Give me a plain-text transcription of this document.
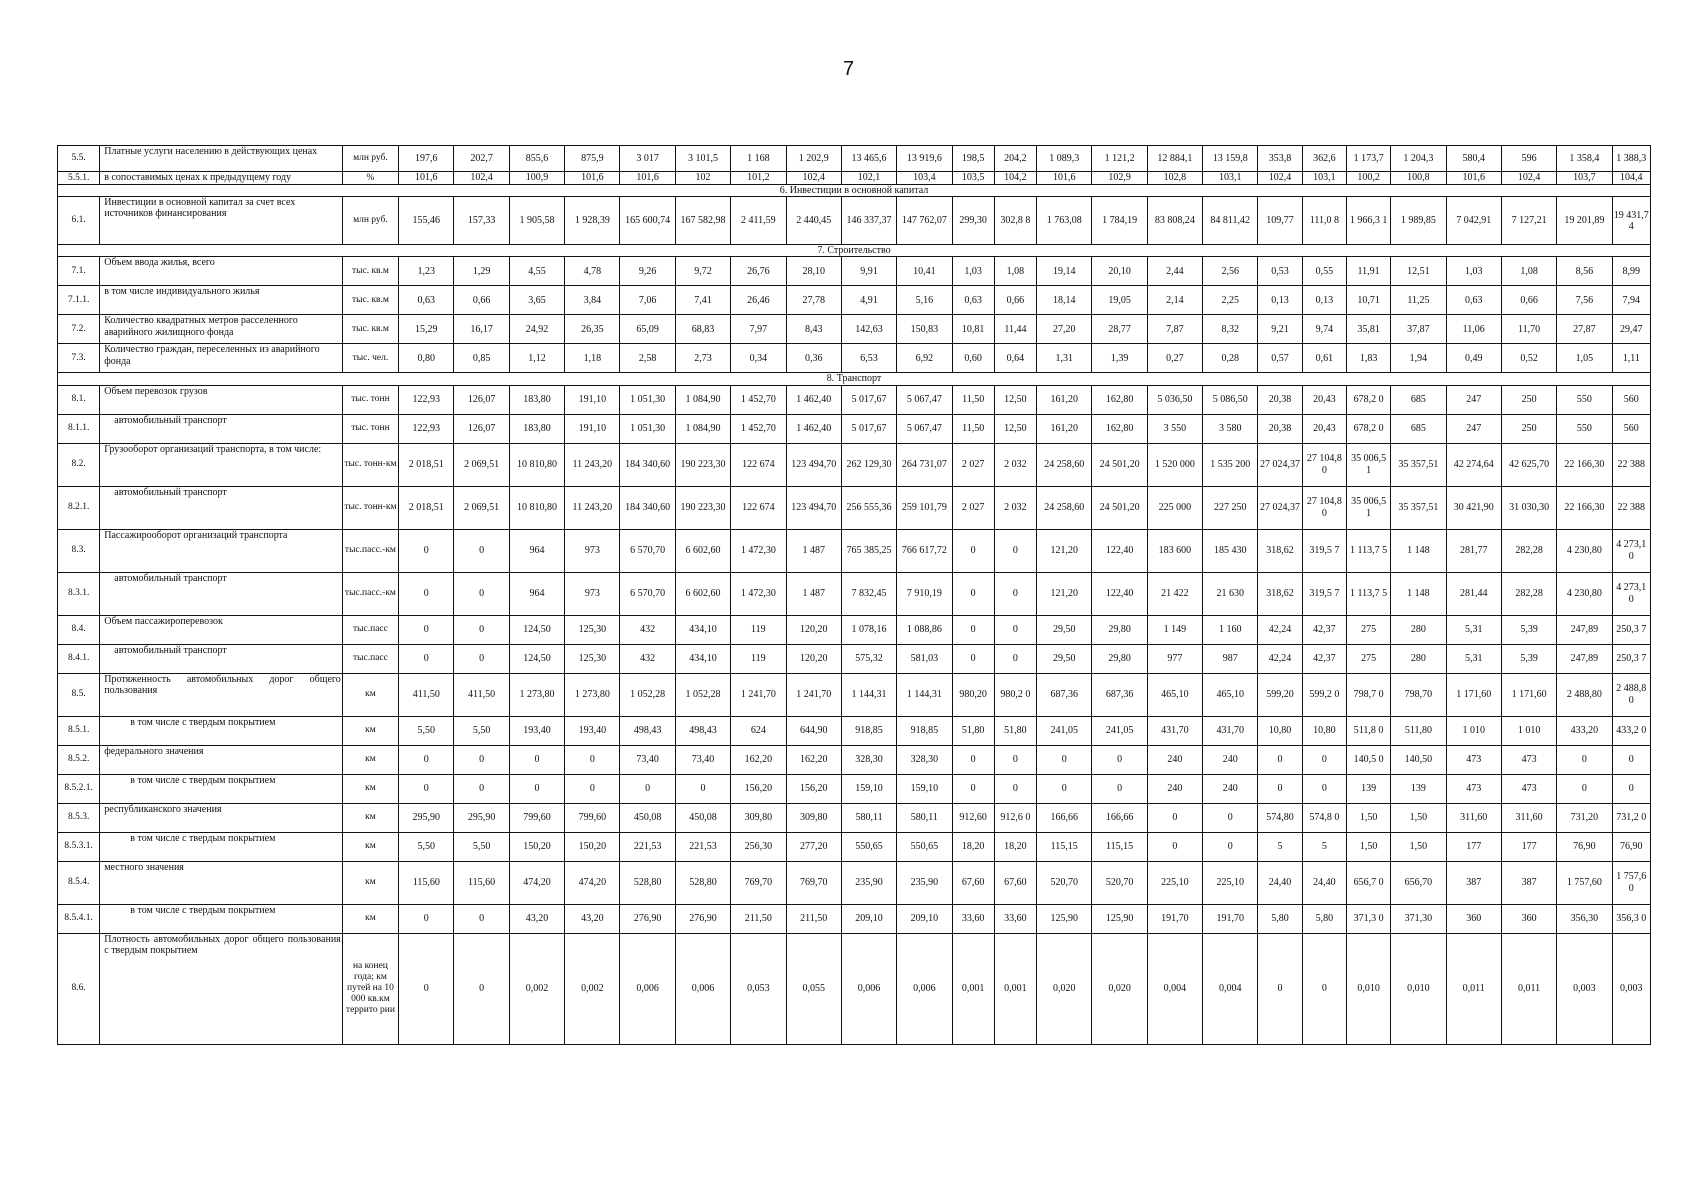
7
5.5.	Платные услуги населению в действующих ценах	млн руб.	197,6	202,7	855,6	875,9	3 017	3 101,5	1 168	1 202,9	13 465,6	13 919,6	198,5	204,2	1 089,3	1 121,2	12 884,1	13 159,8	353,8	362,6	1 173,7	1 204,3	580,4	596	1 358,4	1 388,3
5.5.1.	в сопоставимых ценах к предыдущему году	%	101,6	102,4	100,9	101,6	101,6	102	101,2	102,4	102,1	103,4	103,5	104,2	101,6	102,9	102,8	103,1	102,4	103,1	100,2	100,8	101,6	102,4	103,7	104,4
6. Инвестиции в основной капитал																										
6.1.	Инвестиции в основной капитал за счет всех источников финансирования	млн руб.	155,46	157,33	1 905,58	1 928,39	165 600,74	167 582,98	2 411,59	2 440,45	146 337,37	147 762,07	299,30	302,8 8	1 763,08	1 784,19	83 808,24	84 811,42	109,77	111,0 8	1 966,3 1	1 989,85	7 042,91	7 127,21	19 201,89	19 431,7 4
7. Строительство																										
7.1.	Объем ввода жилья, всего	тыс. кв.м	1,23	1,29	4,55	4,78	9,26	9,72	26,76	28,10	9,91	10,41	1,03	1,08	19,14	20,10	2,44	2,56	0,53	0,55	11,91	12,51	1,03	1,08	8,56	8,99
7.1.1.	в том числе индивидуального жилья	тыс. кв.м	0,63	0,66	3,65	3,84	7,06	7,41	26,46	27,78	4,91	5,16	0,63	0,66	18,14	19,05	2,14	2,25	0,13	0,13	10,71	11,25	0,63	0,66	7,56	7,94
7.2.	Количество квадратных метров расселенного аварийного жилищного фонда	тыс. кв.м	15,29	16,17	24,92	26,35	65,09	68,83	7,97	8,43	142,63	150,83	10,81	11,44	27,20	28,77	7,87	8,32	9,21	9,74	35,81	37,87	11,06	11,70	27,87	29,47
7.3.	Количество граждан, переселенных из аварийного фонда	тыс. чел.	0,80	0,85	1,12	1,18	2,58	2,73	0,34	0,36	6,53	6,92	0,60	0,64	1,31	1,39	0,27	0,28	0,57	0,61	1,83	1,94	0,49	0,52	1,05	1,11
8. Транспорт																										
8.1.	Объем перевозок грузов	тыс. тонн	122,93	126,07	183,80	191,10	1 051,30	1 084,90	1 452,70	1 462,40	5 017,67	5 067,47	11,50	12,50	161,20	162,80	5 036,50	5 086,50	20,38	20,43	678,2 0	685	247	250	550	560
8.1.1.	автомобильный транспорт	тыс. тонн	122,93	126,07	183,80	191,10	1 051,30	1 084,90	1 452,70	1 462,40	5 017,67	5 067,47	11,50	12,50	161,20	162,80	3 550	3 580	20,38	20,43	678,2 0	685	247	250	550	560
8.2.	Грузооборот организаций транспорта, в том числе:	тыс. тонн-км	2 018,51	2 069,51	10 810,80	11 243,20	184 340,60	190 223,30	122 674	123 494,70	262 129,30	264 731,07	2 027	2 032	24 258,60	24 501,20	1 520 000	1 535 200	27 024,37	27 104,8 0	35 006,5 1	35 357,51	42 274,64	42 625,70	22 166,30	22 388
8.2.1.	автомобильный транспорт	тыс. тонн-км	2 018,51	2 069,51	10 810,80	11 243,20	184 340,60	190 223,30	122 674	123 494,70	256 555,36	259 101,79	2 027	2 032	24 258,60	24 501,20	225 000	227 250	27 024,37	27 104,8 0	35 006,5 1	35 357,51	30 421,90	31 030,30	22 166,30	22 388
8.3.	Пассажирооборот организаций транспорта	тыс.пасс.-км	0	0	964	973	6 570,70	6 602,60	1 472,30	1 487	765 385,25	766 617,72	0	0	121,20	122,40	183 600	185 430	318,62	319,5 7	1 113,7 5	1 148	281,77	282,28	4 230,80	4 273,1 0
8.3.1.	автомобильный транспорт	тыс.пасс.-км	0	0	964	973	6 570,70	6 602,60	1 472,30	1 487	7 832,45	7 910,19	0	0	121,20	122,40	21 422	21 630	318,62	319,5 7	1 113,7 5	1 148	281,44	282,28	4 230,80	4 273,1 0
8.4.	Объем пассажироперевозок	тыс.пасс	0	0	124,50	125,30	432	434,10	119	120,20	1 078,16	1 088,86	0	0	29,50	29,80	1 149	1 160	42,24	42,37	275	280	5,31	5,39	247,89	250,3 7
8.4.1.	автомобильный транспорт	тыс.пасс	0	0	124,50	125,30	432	434,10	119	120,20	575,32	581,03	0	0	29,50	29,80	977	987	42,24	42,37	275	280	5,31	5,39	247,89	250,3 7
8.5.	Протяженность автомобильных дорог общего пользования	км	411,50	411,50	1 273,80	1 273,80	1 052,28	1 052,28	1 241,70	1 241,70	1 144,31	1 144,31	980,20	980,2 0	687,36	687,36	465,10	465,10	599,20	599,2 0	798,7 0	798,70	1 171,60	1 171,60	2 488,80	2 488,8 0
8.5.1.	в том числе с твердым покрытием	км	5,50	5,50	193,40	193,40	498,43	498,43	624	644,90	918,85	918,85	51,80	51,80	241,05	241,05	431,70	431,70	10,80	10,80	511,8 0	511,80	1 010	1 010	433,20	433,2 0
8.5.2.	федерального значения	км	0	0	0	0	73,40	73,40	162,20	162,20	328,30	328,30	0	0	0	0	240	240	0	0	140,5 0	140,50	473	473	0	0
8.5.2.1.	в том числе с твердым покрытием	км	0	0	0	0	0	0	156,20	156,20	159,10	159,10	0	0	0	0	240	240	0	0	139	139	473	473	0	0
8.5.3.	республиканского значения	км	295,90	295,90	799,60	799,60	450,08	450,08	309,80	309,80	580,11	580,11	912,60	912,6 0	166,66	166,66	0	0	574,80	574,8 0	1,50	1,50	311,60	311,60	731,20	731,2 0
8.5.3.1.	в том числе с твердым покрытием	км	5,50	5,50	150,20	150,20	221,53	221,53	256,30	277,20	550,65	550,65	18,20	18,20	115,15	115,15	0	0	5	5	1,50	1,50	177	177	76,90	76,90
8.5.4.	местного значения	км	115,60	115,60	474,20	474,20	528,80	528,80	769,70	769,70	235,90	235,90	67,60	67,60	520,70	520,70	225,10	225,10	24,40	24,40	656,7 0	656,70	387	387	1 757,60	1 757,6 0
8.5.4.1.	в том числе с твердым покрытием	км	0	0	43,20	43,20	276,90	276,90	211,50	211,50	209,10	209,10	33,60	33,60	125,90	125,90	191,70	191,70	5,80	5,80	371,3 0	371,30	360	360	356,30	356,3 0
8.6.	Плотность автомобильных дорог общего пользования с твердым покрытием	на конец года; км путей на 10 000 кв.км террито рии	0	0	0,002	0,002	0,006	0,006	0,053	0,055	0,006	0,006	0,001	0,001	0,020	0,020	0,004	0,004	0	0	0,010	0,010	0,011	0,011	0,003	0,003
